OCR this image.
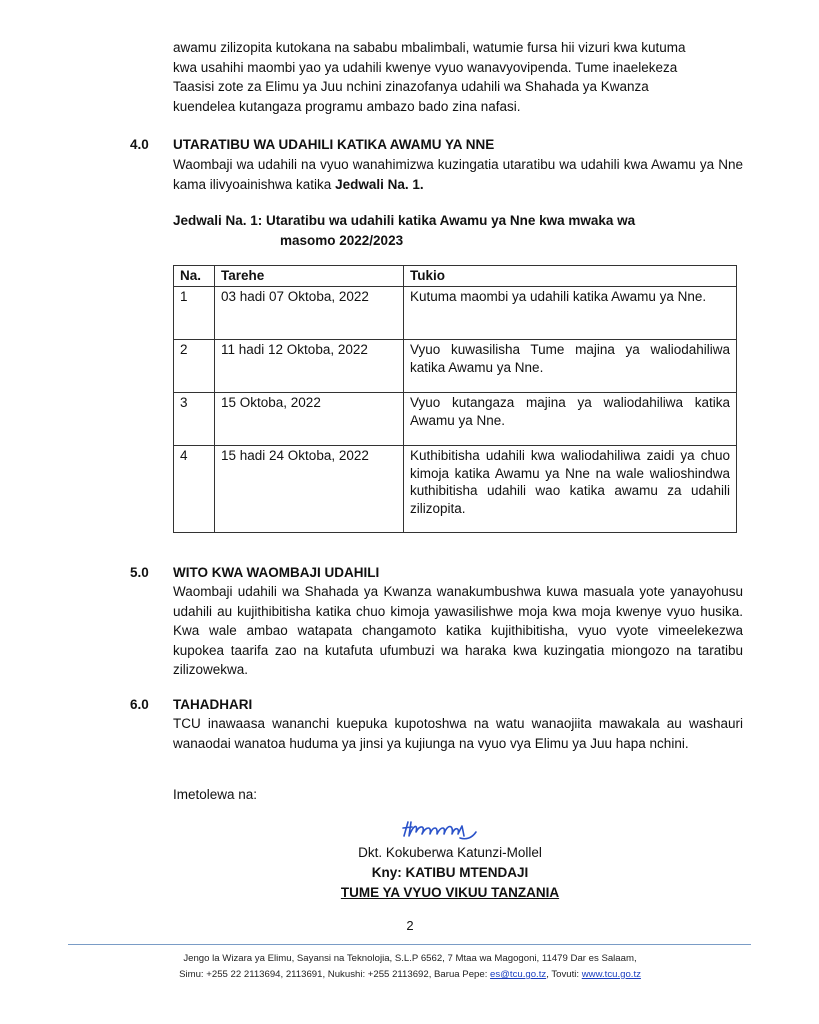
awamu zilizopita kutokana na sababu mbalimbali, watumie fursa hii vizuri kwa kutuma
kwa usahihi maombi yao ya udahili kwenye vyuo wanavyovipenda. Tume inaelekeza
Taasisi zote za Elimu ya Juu nchini zinazofanya udahili wa Shahada ya Kwanza
kuendelea kutangaza programu ambazo bado zina nafasi.
4.0 UTARATIBU WA UDAHILI KATIKA AWAMU YA NNE
Waombaji wa udahili na vyuo wanahimizwa kuzingatia utaratibu wa udahili kwa Awamu ya Nne kama ilivyoainishwa katika Jedwali Na. 1.
Jedwali Na. 1: Utaratibu wa udahili katika Awamu ya Nne kwa mwaka wa
masomo 2022/2023
Na.	Tarehe	Tukio
1	03 hadi 07 Oktoba, 2022	Kutuma maombi ya udahili katika Awamu ya Nne.
2	11 hadi 12 Oktoba, 2022	Vyuo kuwasilisha Tume majina ya waliodahiliwa katika Awamu ya Nne.
3	15 Oktoba, 2022	Vyuo kutangaza majina ya waliodahiliwa katika Awamu ya Nne.
4	15 hadi 24 Oktoba, 2022	Kuthibitisha udahili kwa waliodahiliwa zaidi ya chuo kimoja katika Awamu ya Nne na wale walioshindwa kuthibitisha udahili wao katika awamu za udahili zilizopita.
5.0 WITO KWA WAOMBAJI UDAHILI
Waombaji udahili wa Shahada ya Kwanza wanakumbushwa kuwa masuala yote yanayohusu udahili au kujithibitisha katika chuo kimoja yawasilishwe moja kwa moja kwenye vyuo husika. Kwa wale ambao watapata changamoto katika kujithibitisha, vyuo vyote vimeelekezwa kupokea taarifa zao na kutafuta ufumbuzi wa haraka kwa kuzingatia miongozo na taratibu zilizowekwa.
6.0 TAHADHARI
TCU inawaasa wananchi kuepuka kupotoshwa na watu wanaojiita mawakala au washauri wanaodai wanatoa huduma ya jinsi ya kujiunga na vyuo vya Elimu ya Juu hapa nchini.
Imetolewa na:
Dkt. Kokuberwa Katunzi-Mollel
Kny: KATIBU MTENDAJI
TUME YA VYUO VIKUU TANZANIA
2
Jengo la Wizara ya Elimu, Sayansi na Teknolojia, S.L.P 6562, 7 Mtaa wa Magogoni, 11479 Dar es Salaam,
Simu: +255 22 2113694, 2113691, Nukushi: +255 2113692, Barua Pepe: es@tcu.go.tz, Tovuti: www.tcu.go.tz
